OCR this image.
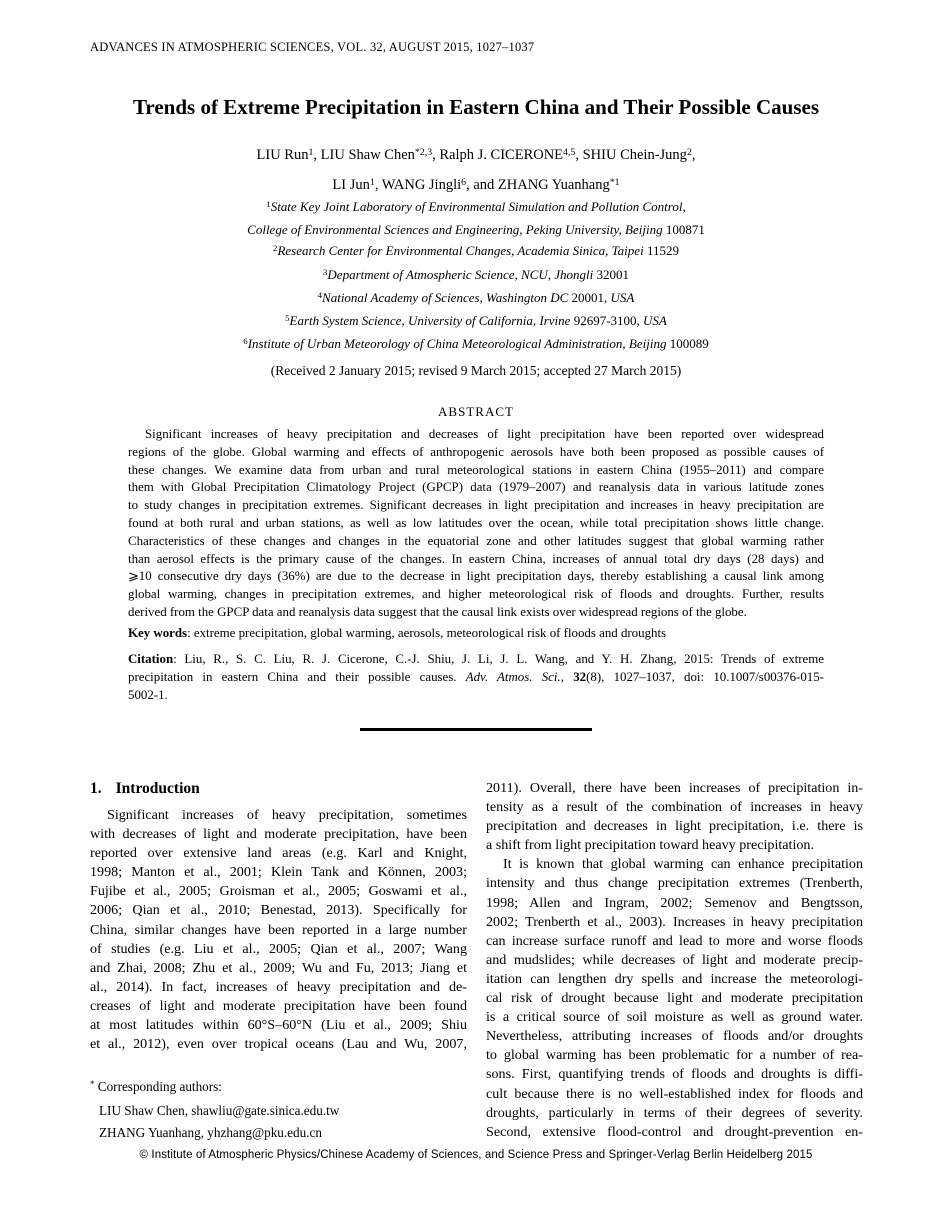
ADVANCES IN ATMOSPHERIC SCIENCES, VOL. 32, AUGUST 2015, 1027–1037
Trends of Extreme Precipitation in Eastern China and Their Possible Causes
LIU Run$^1$, LIU Shaw Chen$^{*2,3}$, Ralph J. CICERONE$^{4,5}$, SHIU Chein-Jung$^2$,
LI Jun$^1$, WANG Jingli$^6$, and ZHANG Yuanhang$^{*1}$
$^1$State Key Joint Laboratory of Environmental Simulation and Pollution Control,
College of Environmental Sciences and Engineering, Peking University, Beijing 100871
$^2$Research Center for Environmental Changes, Academia Sinica, Taipei 11529
$^3$Department of Atmospheric Science, NCU, Jhongli 32001
$^4$National Academy of Sciences, Washington DC 20001, USA
$^5$Earth System Science, University of California, Irvine 92697-3100, USA
$^6$Institute of Urban Meteorology of China Meteorological Administration, Beijing 100089
(Received 2 January 2015; revised 9 March 2015; accepted 27 March 2015)
ABSTRACT
Significant increases of heavy precipitation and decreases of light precipitation have been reported over widespread
regions of the globe. Global warming and effects of anthropogenic aerosols have both been proposed as possible causes of
these changes. We examine data from urban and rural meteorological stations in eastern China (1955–2011) and compare
them with Global Precipitation Climatology Project (GPCP) data (1979–2007) and reanalysis data in various latitude zones
to study changes in precipitation extremes. Significant decreases in light precipitation and increases in heavy precipitation are
found at both rural and urban stations, as well as low latitudes over the ocean, while total precipitation shows little change.
Characteristics of these changes and changes in the equatorial zone and other latitudes suggest that global warming rather
than aerosol effects is the primary cause of the changes. In eastern China, increases of annual total dry days (28 days) and
⩾10 consecutive dry days (36%) are due to the decrease in light precipitation days, thereby establishing a causal link among
global warming, changes in precipitation extremes, and higher meteorological risk of floods and droughts. Further, results
derived from the GPCP data and reanalysis data suggest that the causal link exists over widespread regions of the globe.
Key words: extreme precipitation, global warming, aerosols, meteorological risk of floods and droughts
Citation: Liu, R., S. C. Liu, R. J. Cicerone, C.-J. Shiu, J. Li, J. L. Wang, and Y. H. Zhang, 2015: Trends of extreme
precipitation in eastern China and their possible causes. Adv. Atmos. Sci., 32(8), 1027–1037, doi: 10.1007/s00376-015-
5002-1.
1. Introduction
Significant increases of heavy precipitation, sometimes
with decreases of light and moderate precipitation, have been
reported over extensive land areas (e.g. Karl and Knight,
1998; Manton et al., 2001; Klein Tank and Können, 2003;
Fujibe et al., 2005; Groisman et al., 2005; Goswami et al.,
2006; Qian et al., 2010; Benestad, 2013). Specifically for
China, similar changes have been reported in a large number
of studies (e.g. Liu et al., 2005; Qian et al., 2007; Wang
and Zhai, 2008; Zhu et al., 2009; Wu and Fu, 2013; Jiang et
al., 2014). In fact, increases of heavy precipitation and de-
creases of light and moderate precipitation have been found
at most latitudes within 60°S–60°N (Liu et al., 2009; Shiu
et al., 2012), even over tropical oceans (Lau and Wu, 2007,
2011). Overall, there have been increases of precipitation in-
tensity as a result of the combination of increases in heavy
precipitation and decreases in light precipitation, i.e. there is
a shift from light precipitation toward heavy precipitation.
It is known that global warming can enhance precipitation
intensity and thus change precipitation extremes (Trenberth,
1998; Allen and Ingram, 2002; Semenov and Bengtsson,
2002; Trenberth et al., 2003). Increases in heavy precipitation
can increase surface runoff and lead to more and worse floods
and mudslides; while decreases of light and moderate precip-
itation can lengthen dry spells and increase the meteorologi-
cal risk of drought because light and moderate precipitation
is a critical source of soil moisture as well as ground water.
Nevertheless, attributing increases of floods and/or droughts
to global warming has been problematic for a number of rea-
sons. First, quantifying trends of floods and droughts is diffi-
cult because there is no well-established index for floods and
droughts, particularly in terms of their degrees of severity.
Second, extensive flood-control and drought-prevention en-
* Corresponding authors:
LIU Shaw Chen, shawliu@gate.sinica.edu.tw
ZHANG Yuanhang, yhzhang@pku.edu.cn
© Institute of Atmospheric Physics/Chinese Academy of Sciences, and Science Press and Springer-Verlag Berlin Heidelberg 2015
